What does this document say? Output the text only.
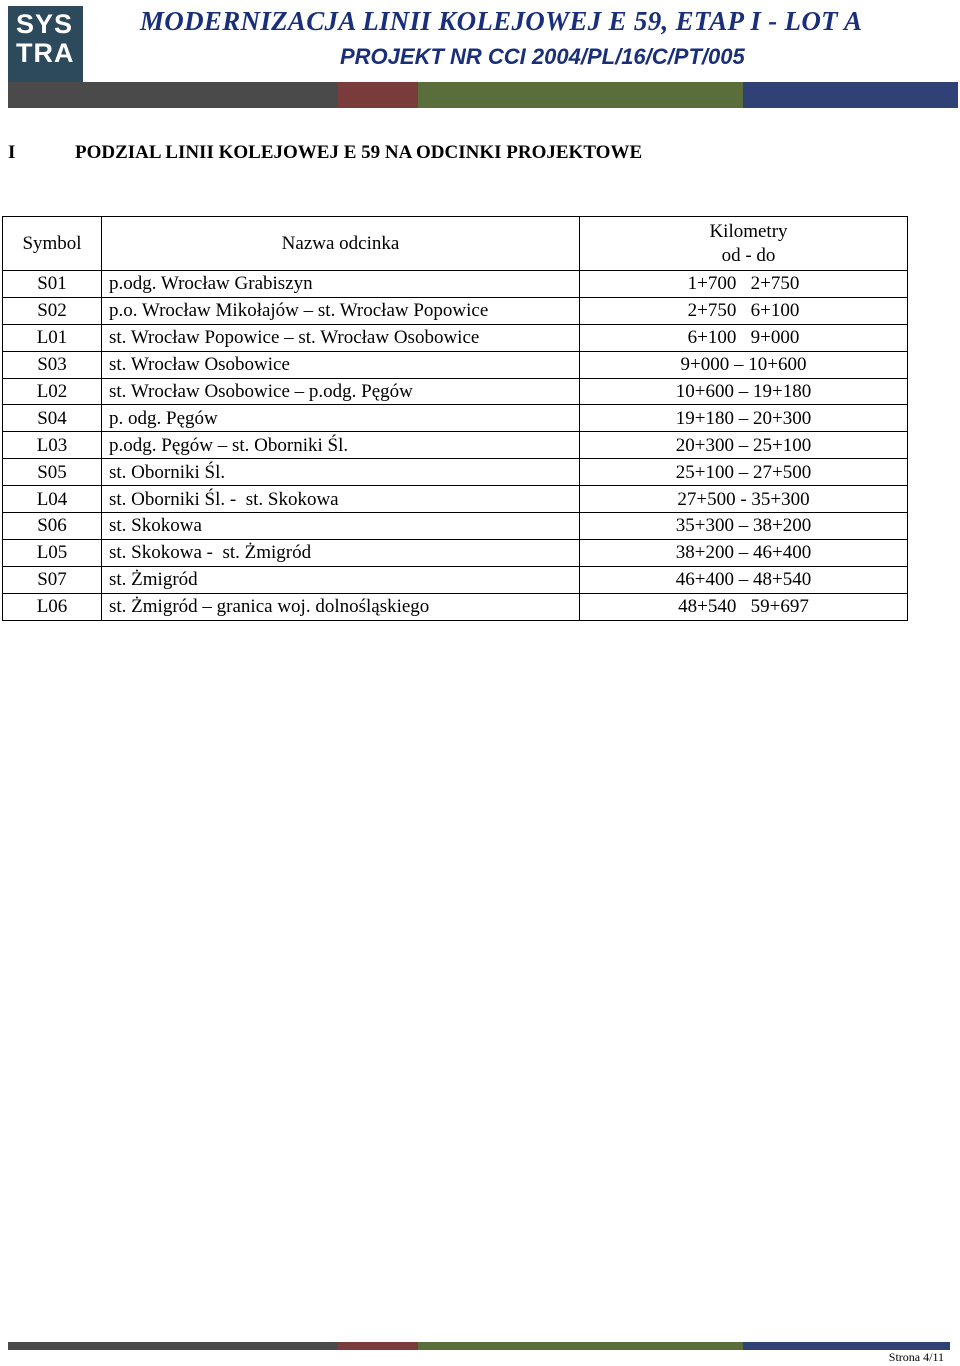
SYS
TRA
MODERNIZACJA LINII KOLEJOWEJ E 59, ETAP I - LOT A
PROJEKT NR CCI 2004/PL/16/C/PT/005
I	PODZIAL LINII KOLEJOWEJ E 59 NA ODCINKI PROJEKTOWE
Symbol	Nazwa odcinka	Kilometry
od - do

S01	p.odg. Wrocław Grabiszyn	1+700   2+750
S02	p.o. Wrocław Mikołajów – st. Wrocław Popowice	2+750   6+100
L01	st. Wrocław Popowice – st. Wrocław Osobowice	6+100   9+000
S03	st. Wrocław Osobowice	9+000 – 10+600
L02	st. Wrocław Osobowice – p.odg. Pęgów	10+600 – 19+180
S04	p. odg. Pęgów	19+180 – 20+300
L03	p.odg. Pęgów – st. Oborniki Śl.	20+300 – 25+100
S05	st. Oborniki Śl.	25+100 – 27+500
L04	st. Oborniki Śl. -  st. Skokowa	27+500 - 35+300
S06	st. Skokowa	35+300 – 38+200
L05	st. Skokowa -  st. Żmigród	38+200 – 46+400
S07	st. Żmigród	46+400 – 48+540
L06	st. Żmigród – granica woj. dolnośląskiego	48+540   59+697
Strona 4/11
